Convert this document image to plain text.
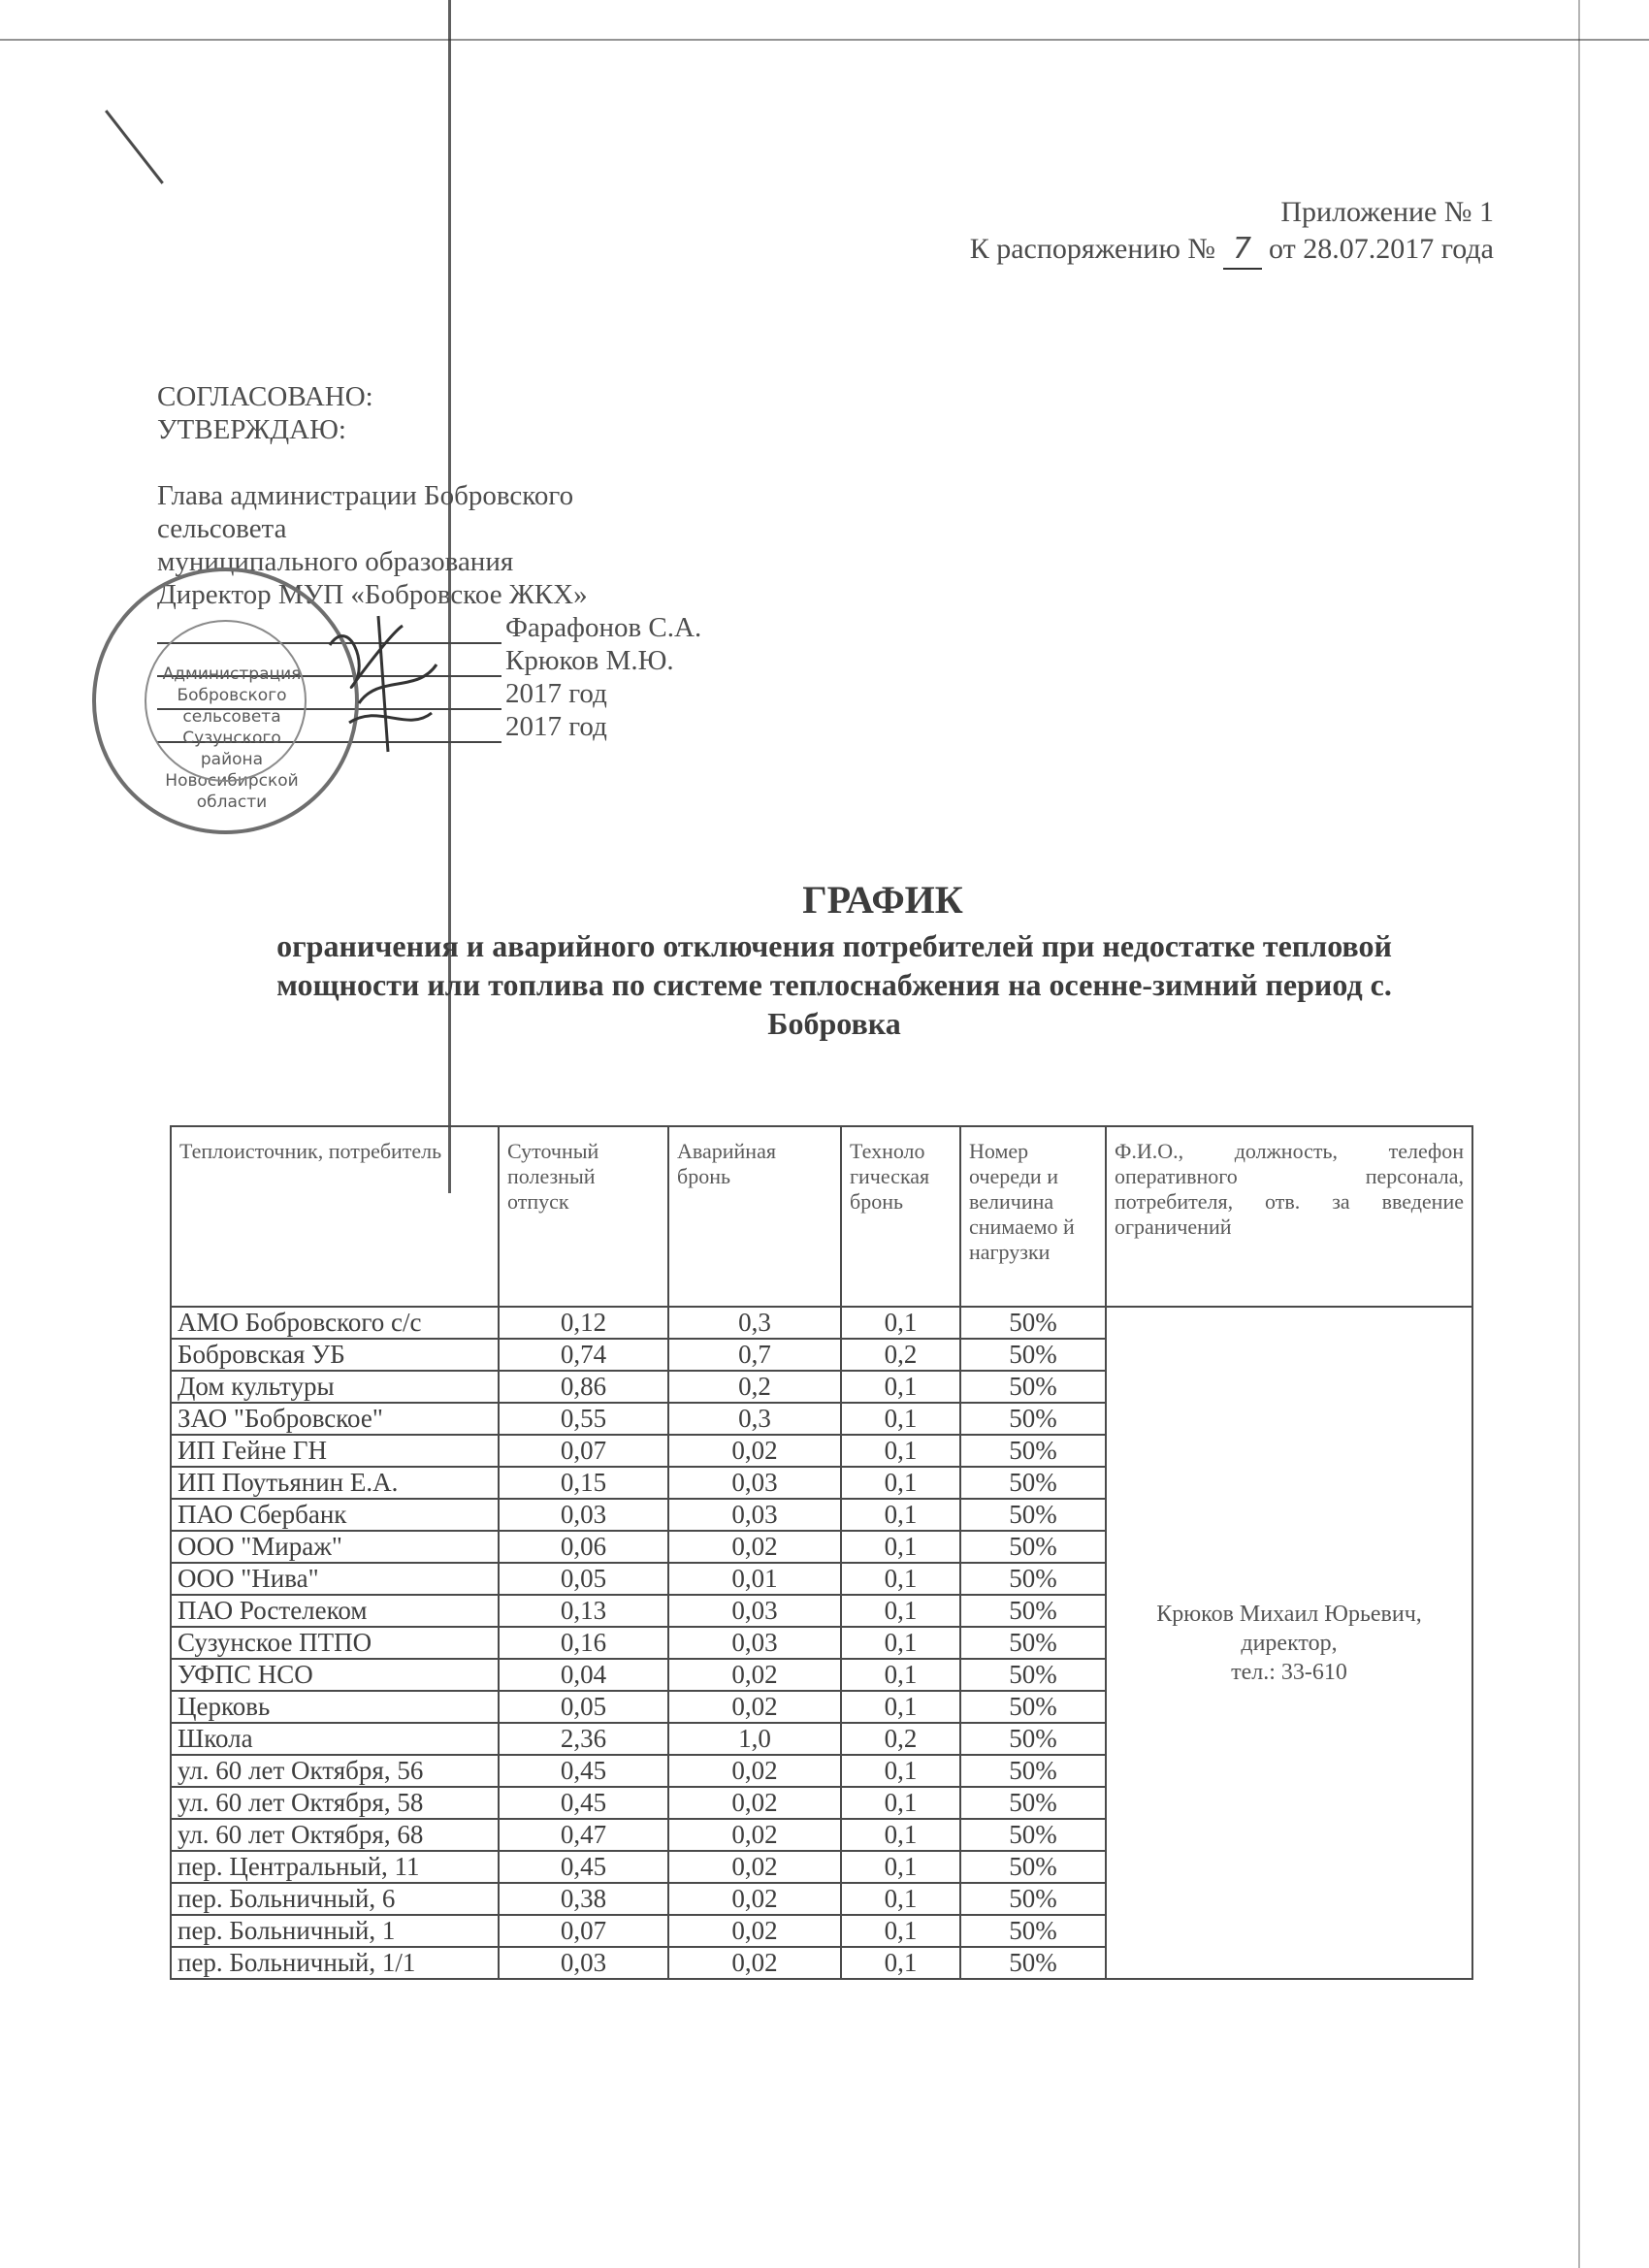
Приложение № 1
К распоряжению № 7 от 28.07.2017 года
СОГЛАСОВАНО:
УТВЕРЖДАЮ:
Глава администрации Бобровского
сельсовета
муниципального образования
Директор МУП «Бобровское ЖКХ»
Фарафонов С.А.
Крюков М.Ю.
2017 год
2017 год
Администрация
Бобровского
сельсовета
Сузунского района
Новосибирской
области
ГРАФИК
ограничения и аварийного отключения потребителей при недостатке тепловой мощности или топлива по системе теплоснабжения на осенне-зимний период с. Бобровка
Теплоисточник, потребитель	Суточный полезный отпуск	Аварийная бронь	Техноло гическая бронь	Номер очереди и величина снимаемо й нагрузки	Ф.И.О., должность, телефон оперативного персонала, потребителя, отв. за введение ограничений
АМО Бобровского с/с	0,12	0,3	0,1	50%	Крюков Михаил Юрьевич, директор,
тел.: 33-610

Бобровская УБ	0,74	0,7	0,2	50%	
Дом культуры	0,86	0,2	0,1	50%	
ЗАО "Бобровское"	0,55	0,3	0,1	50%	
ИП Гейне ГН	0,07	0,02	0,1	50%	
ИП Поутьянин Е.А.	0,15	0,03	0,1	50%	
ПАО Сбербанк	0,03	0,03	0,1	50%	
ООО "Мираж"	0,06	0,02	0,1	50%	
ООО "Нива"	0,05	0,01	0,1	50%	
ПАО Ростелеком	0,13	0,03	0,1	50%	
Сузунское ПТПО	0,16	0,03	0,1	50%	
УФПС НСО	0,04	0,02	0,1	50%	
Церковь	0,05	0,02	0,1	50%	
Школа	2,36	1,0	0,2	50%	
ул. 60 лет Октября, 56	0,45	0,02	0,1	50%	
ул. 60 лет Октября, 58	0,45	0,02	0,1	50%	
ул. 60 лет Октября, 68	0,47	0,02	0,1	50%	
пер. Центральный, 11	0,45	0,02	0,1	50%	
пер. Больничный, 6	0,38	0,02	0,1	50%	
пер. Больничный, 1	0,07	0,02	0,1	50%	
пер. Больничный, 1/1	0,03	0,02	0,1	50%	
